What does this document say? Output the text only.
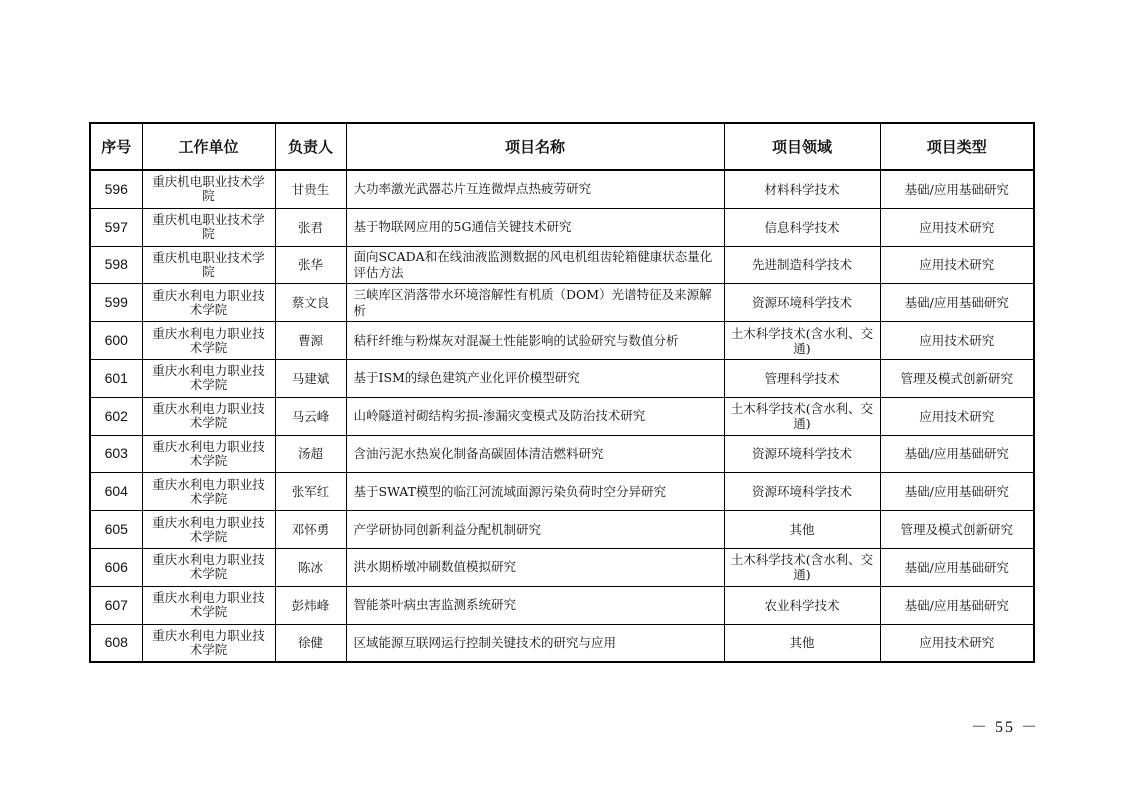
序号	工作单位	负责人	项目名称	项目领域	项目类型
596	重庆机电职业技术学院	甘贵生	大功率激光武器芯片互连微焊点热疲劳研究	材料科学技术	基础/应用基础研究
597	重庆机电职业技术学院	张君	基于物联网应用的5G通信关键技术研究	信息科学技术	应用技术研究
598	重庆机电职业技术学院	张华	面向SCADA和在线油液监测数据的风电机组齿轮箱健康状态量化评估方法	先进制造科学技术	应用技术研究
599	重庆水利电力职业技术学院	蔡文良	三峡库区消落带水环境溶解性有机质（DOM）光谱特征及来源解析	资源环境科学技术	基础/应用基础研究
600	重庆水利电力职业技术学院	曹源	秸秆纤维与粉煤灰对混凝土性能影响的试验研究与数值分析	土木科学技术(含水利、交通)	应用技术研究
601	重庆水利电力职业技术学院	马建斌	基于ISM的绿色建筑产业化评价模型研究	管理科学技术	管理及模式创新研究
602	重庆水利电力职业技术学院	马云峰	山岭隧道衬砌结构劣损-渗漏灾变模式及防治技术研究	土木科学技术(含水利、交通)	应用技术研究
603	重庆水利电力职业技术学院	汤超	含油污泥水热炭化制备高碳固体清洁燃料研究	资源环境科学技术	基础/应用基础研究
604	重庆水利电力职业技术学院	张军红	基于SWAT模型的临江河流域面源污染负荷时空分异研究	资源环境科学技术	基础/应用基础研究
605	重庆水利电力职业技术学院	邓怀勇	产学研协同创新利益分配机制研究	其他	管理及模式创新研究
606	重庆水利电力职业技术学院	陈冰	洪水期桥墩冲刷数值模拟研究	土木科学技术(含水利、交通)	基础/应用基础研究
607	重庆水利电力职业技术学院	彭炜峰	智能茶叶病虫害监测系统研究	农业科学技术	基础/应用基础研究
608	重庆水利电力职业技术学院	徐健	区域能源互联网运行控制关键技术的研究与应用	其他	应用技术研究
－ 55 －
